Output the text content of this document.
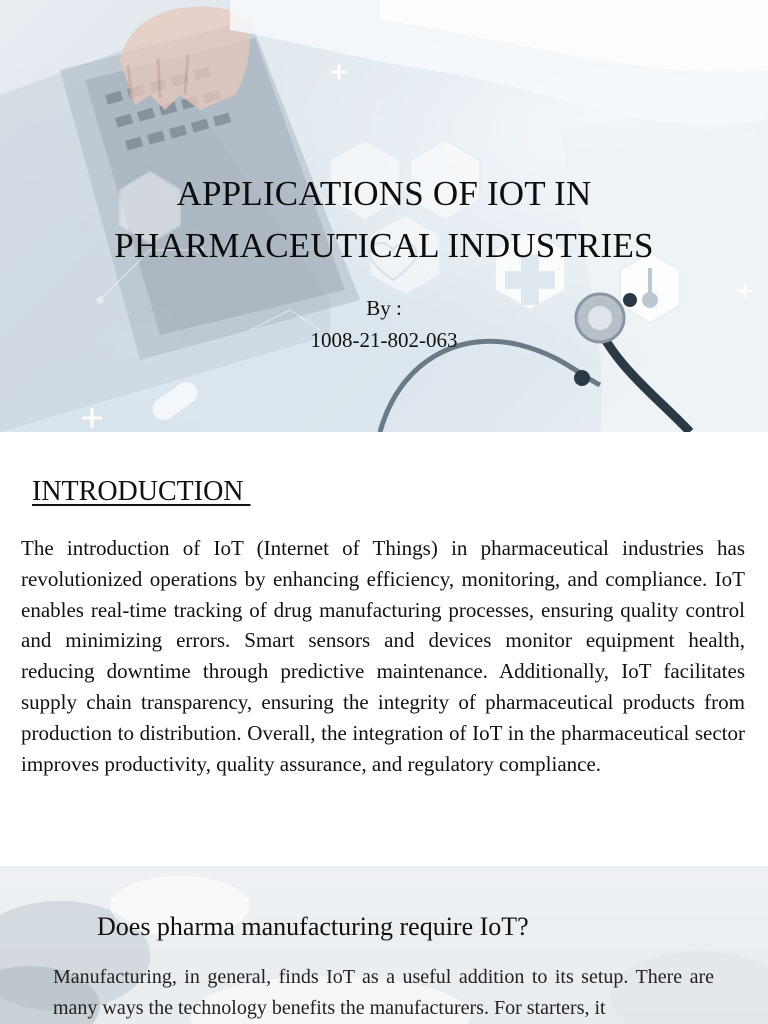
APPLICATIONS OF IOT IN
PHARMACEUTICAL INDUSTRIES
By :
1008-21-802-063
INTRODUCTION
The introduction of IoT (Internet of Things) in pharmaceutical industries has revolutionized operations by enhancing efficiency, monitoring, and compliance. IoT enables real-time tracking of drug manufacturing processes, ensuring quality control and minimizing errors. Smart sensors and devices monitor equipment health, reducing downtime through predictive maintenance. Additionally, IoT facilitates supply chain transparency, ensuring the integrity of pharmaceutical products from production to distribution. Overall, the integration of IoT in the pharmaceutical sector improves productivity, quality assurance, and regulatory compliance.
Does pharma manufacturing require IoT?
Manufacturing, in general, finds IoT as a useful addition to its setup. There are many ways the technology benefits the manufacturers. For starters, it
